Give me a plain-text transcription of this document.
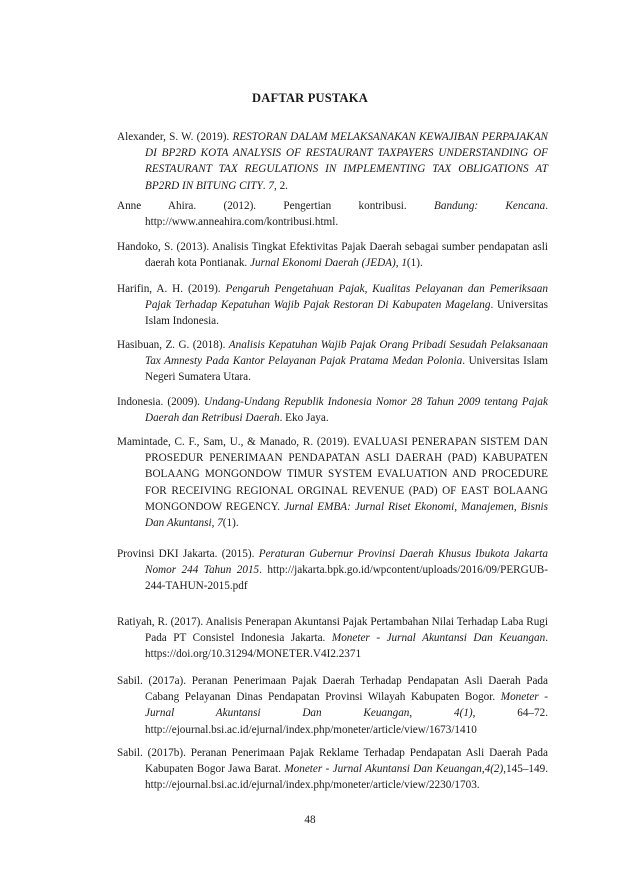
DAFTAR PUSTAKA
Alexander, S. W. (2019). RESTORAN DALAM MELAKSANAKAN KEWAJIBAN PERPAJAKAN DI BP2RD KOTA ANALYSIS OF RESTAURANT TAXPAYERS UNDERSTANDING OF RESTAURANT TAX REGULATIONS IN IMPLEMENTING TAX OBLIGATIONS AT BP2RD IN BITUNG CITY. 7, 2.
Anne Ahira. (2012). Pengertian kontribusi. Bandung: Kencana. http://www.anneahira.com/kontribusi.html.
Handoko, S. (2013). Analisis Tingkat Efektivitas Pajak Daerah sebagai sumber pendapatan asli daerah kota Pontianak. Jurnal Ekonomi Daerah (JEDA), 1(1).
Harifin, A. H. (2019). Pengaruh Pengetahuan Pajak, Kualitas Pelayanan dan Pemeriksaan Pajak Terhadap Kepatuhan Wajib Pajak Restoran Di Kabupaten Magelang. Universitas Islam Indonesia.
Hasibuan, Z. G. (2018). Analisis Kepatuhan Wajib Pajak Orang Pribadi Sesudah Pelaksanaan Tax Amnesty Pada Kantor Pelayanan Pajak Pratama Medan Polonia. Universitas Islam Negeri Sumatera Utara.
Indonesia. (2009). Undang-Undang Republik Indonesia Nomor 28 Tahun 2009 tentang Pajak Daerah dan Retribusi Daerah. Eko Jaya.
Mamintade, C. F., Sam, U., & Manado, R. (2019). EVALUASI PENERAPAN SISTEM DAN PROSEDUR PENERIMAAN PENDAPATAN ASLI DAERAH (PAD) KABUPATEN BOLAANG MONGONDOW TIMUR SYSTEM EVALUATION AND PROCEDURE FOR RECEIVING REGIONAL ORGINAL REVENUE (PAD) OF EAST BOLAANG MONGONDOW REGENCY. Jurnal EMBA: Jurnal Riset Ekonomi, Manajemen, Bisnis Dan Akuntansi, 7(1).
Provinsi DKI Jakarta. (2015). Peraturan Gubernur Provinsi Daerah Khusus Ibukota Jakarta Nomor 244 Tahun 2015. http://jakarta.bpk.go.id/wpcontent/uploads/2016/09/PERGUB-244-TAHUN-2015.pdf
Ratiyah, R. (2017). Analisis Penerapan Akuntansi Pajak Pertambahan Nilai Terhadap Laba Rugi Pada PT Consistel Indonesia Jakarta. Moneter - Jurnal Akuntansi Dan Keuangan. https://doi.org/10.31294/MONETER.V4I2.2371
Sabil. (2017a). Peranan Penerimaan Pajak Daerah Terhadap Pendapatan Asli Daerah Pada Cabang Pelayanan Dinas Pendapatan Provinsi Wilayah Kabupaten Bogor. Moneter - Jurnal Akuntansi Dan Keuangan, 4(1), 64–72. http://ejournal.bsi.ac.id/ejurnal/index.php/moneter/article/view/1673/1410
Sabil. (2017b). Peranan Penerimaan Pajak Reklame Terhadap Pendapatan Asli Daerah Pada Kabupaten Bogor Jawa Barat. Moneter - Jurnal Akuntansi Dan Keuangan,4(2),145–149. http://ejournal.bsi.ac.id/ejurnal/index.php/moneter/article/view/2230/1703.
48
